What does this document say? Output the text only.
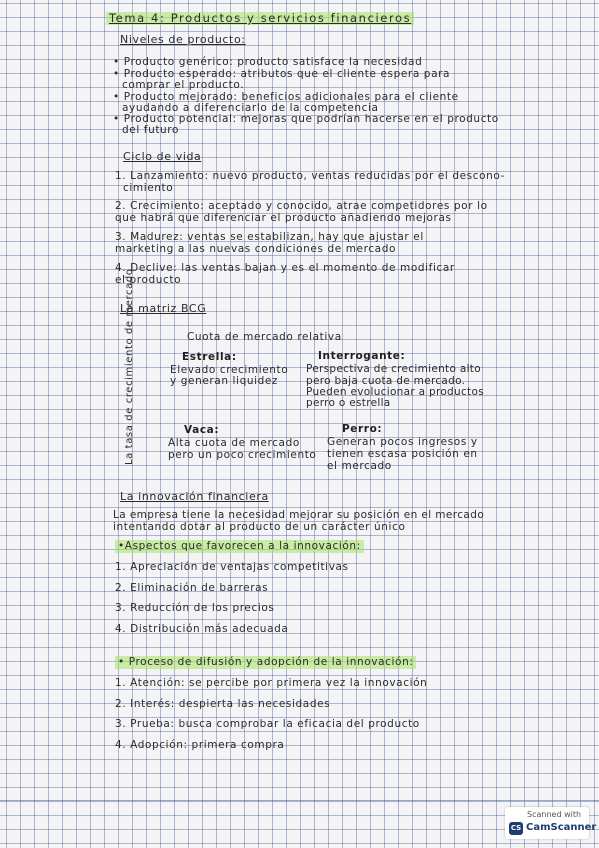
Tema 4: Productos y servicios financieros
Niveles de producto:
• Producto genérico: producto satisface la necesidad
• Producto esperado: atributos que el cliente espera para
comprar el producto.
• Producto mejorado: beneficios adicionales para el cliente
ayudando a diferenciarlo de la competencia
• Producto potencial: mejoras que podrían hacerse en el producto
del futuro
Ciclo de vida
1. Lanzamiento: nuevo producto, ventas reducidas por el descono-
cimiento
2. Crecimiento: aceptado y conocido, atrae competidores por lo
que habrá que diferenciar el producto añadiendo mejoras
3. Madurez: ventas se estabilizan, hay que ajustar el
marketing a las nuevas condiciones de mercado
4. Declive: las ventas bajan y es el momento de modificar
el producto
La matriz BCG
Cuota de mercado relativa
La tasa de crecimiento de mercado	Estrella:
Elevado crecimiento
y generan liquidez
Interrogante:
Perspectiva de crecimiento alto
pero baja cuota de mercado.
Pueden evolucionar a productos
perro o estrella
Vaca:
Alta cuota de mercado
pero un poco crecimiento
Perro:
Generan pocos ingresos y
tienen escasa posición en
el mercado
La innovación financiera
La empresa tiene la necesidad mejorar su posición en el mercado
intentando dotar al producto de un carácter único
•Aspectos que favorecen a la innovación:
1. Apreciación de ventajas competitivas
2. Eliminación de barreras
3. Reducción de los precios
4. Distribución más adecuada
• Proceso de difusión y adopción de la innovación:
1. Atención: se percibe por primera vez la innovación
2. Interés: despierta las necesidades
3. Prueba: busca comprobar la eficacia del producto
4. Adopción: primera compra
Scanned with
CS CamScanner
